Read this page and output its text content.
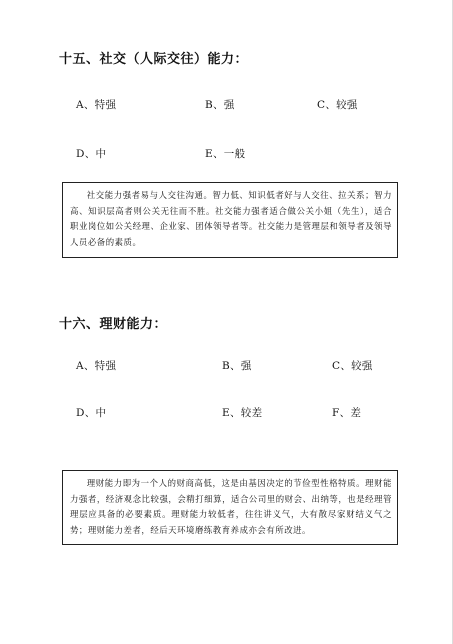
十五、社交（人际交往）能力：
A、特强	B、强	C、较强
D、中	E、一般
社交能力强者易与人交往沟通。智力低、知识低者好与人交往、拉关系；智力高、知识层高者则公关无往而不胜。社交能力强者适合做公关小姐（先生），适合职业岗位如公关经理、企业家、团体领导者等。社交能力是管理层和领导者及领导人员必备的素质。
十六、理财能力：
A、特强	B、强	C、较强
D、中	E、较差	F、差
理财能力即为一个人的财商高低，这是由基因决定的节俭型性格特质。理财能力强者，经济观念比较强，会精打细算，适合公司里的财会、出纳等，也是经理管理层应具备的必要素质。理财能力较低者，往往讲义气，大有散尽家财结义气之势；理财能力差者，经后天环境磨练教育养成亦会有所改进。
